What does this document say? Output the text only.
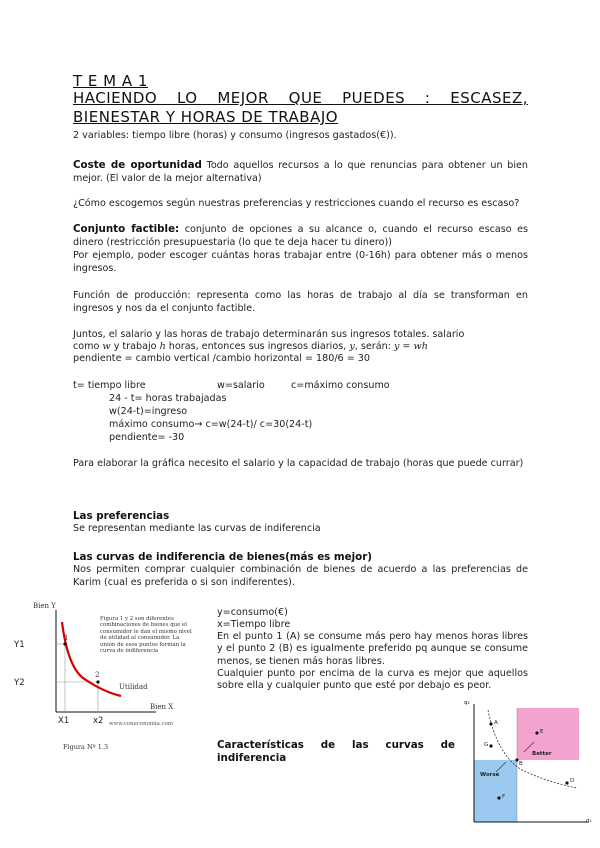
T E M A 1
HACIENDO LO MEJOR QUE PUEDES : ESCASEZ,
BIENESTAR Y HORAS DE TRABAJO
2 variables: tiempo libre (horas) y consumo (ingresos gastados(€)).
Coste de oportunidad Todo aquellos recursos a lo que renuncias para obtener un bien mejor. (El valor de la mejor alternativa)
¿Cómo escogemos según nuestras preferencias y restricciones cuando el recurso es escaso?
Conjunto factible: conjunto de opciones a su alcance o, cuando el recurso escaso es dinero (restricción presupuestaria (lo que te deja hacer tu dinero))
Por ejemplo, poder escoger cuántas horas trabajar entre (0-16h) para obtener más o menos ingresos.
Función de producción: representa como las horas de trabajo al día se transforman en ingresos y nos da el conjunto factible.
Juntos, el salario y las horas de trabajo determinarán sus ingresos totales. salario
como w y trabajo h horas, entonces sus ingresos diarios, y, serán: y = wh
pendiente = cambio vertical /cambio horizontal = 180/6 = 30
t= tiempo libre	w=salario	c=máximo consumo
24 - t= horas trabajadas
w(24-t)=ingreso
máximo consumo→ c=w(24-t)/ c=30(24-t)
pendiente= -30
Para elaborar la gráfica necesito el salario y la capacidad de trabajo (horas que puede currar)
Las preferencias
Se representan mediante las curvas de indiferencia
Las curvas de indiferencia de bienes(más es mejor)
Nos permiten comprar cualquier combinación de bienes de acuerdo a las preferencias de Karim (cual es preferida o si son indiferentes).
Bien Y
Bien X
Y1
Y2
X1	x2
1
2
Utilidad
Figura 1 y 2 son diferentes combinaciones de bienes que el consumidor le dan el mismo nivel de utilidad al consumidor. La unión de esos puntos forman la curva de indiferencia
www.coneconomia.com
Figura Nº 1.3
y=consumo(€)
x=Tiempo libre
En el punto 1 (A) se consume más pero hay menos horas libres y el punto 2 (B) es igualmente preferido pq aunque se consume menos, se tienen más horas libres.
Cualquier punto por encima de la curva es mejor que aquellos sobre ella y cualquier punto que esté por debajo es peor.
Características de las curvas de indiferencia
q₂
q₁
Better
Worse
A
E
G
B
F
D
